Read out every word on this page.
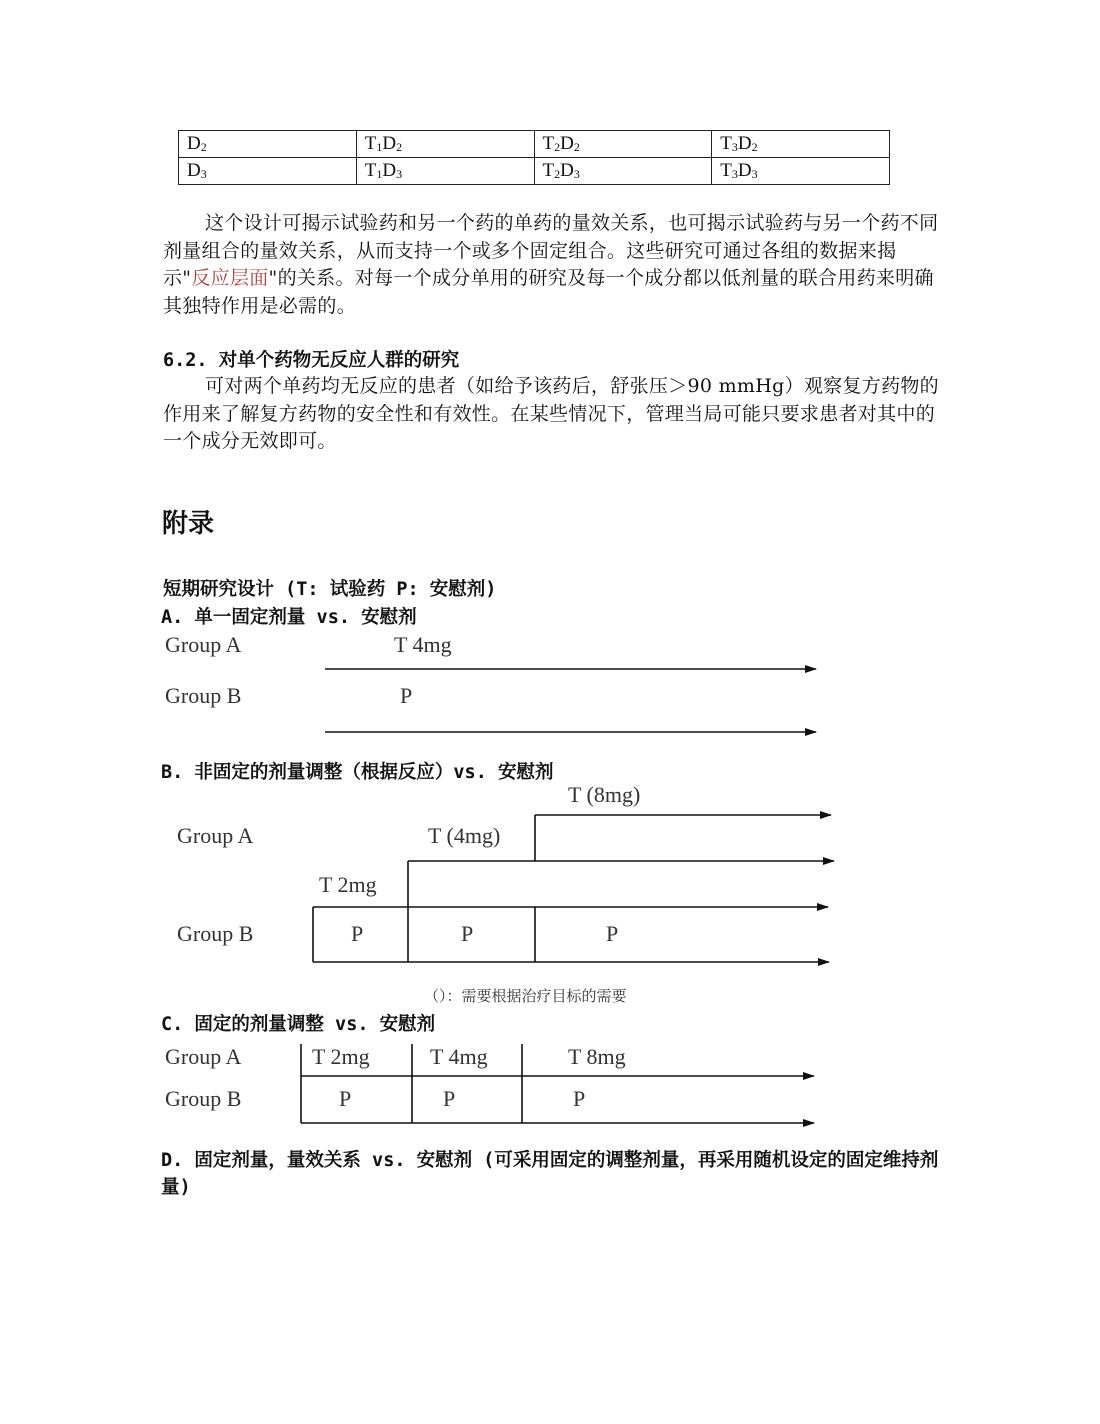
$D_2$	$T_1D_2$	$T_2D_2$	$T_3D_2$
$D_3$	$T_1D_3$	$T_2D_3$	$T_3D_3$
这个设计可揭示试验药和另一个药的单药的量效关系，也可揭示试验药与另一个药不同剂量组合的量效关系，从而支持一个或多个固定组合。这些研究可通过各组的数据来揭示"反应层面"的关系。对每一个成分单用的研究及每一个成分都以低剂量的联合用药来明确其独特作用是必需的。
6.2. 对单个药物无反应人群的研究
可对两个单药均无反应的患者（如给予该药后，舒张压＞90 mmHg）观察复方药物的作用来了解复方药物的安全性和有效性。在某些情况下，管理当局可能只要求患者对其中的一个成分无效即可。
附录
短期研究设计 (T: 试验药 P: 安慰剂)
A. 单一固定剂量 vs. 安慰剂
Group A	T 4mg
Group B	P
B. 非固定的剂量调整（根据反应）vs. 安慰剂
T (8mg)
Group A	T (4mg)
T 2mg
Group B	P	P	P
（）：需要根据治疗目标的需要
C. 固定的剂量调整 vs. 安慰剂
Group A	T 2mg	T 4mg	T 8mg
Group B	P	P	P
D. 固定剂量，量效关系 vs. 安慰剂 (可采用固定的调整剂量，再采用随机设定的固定维持剂量)
